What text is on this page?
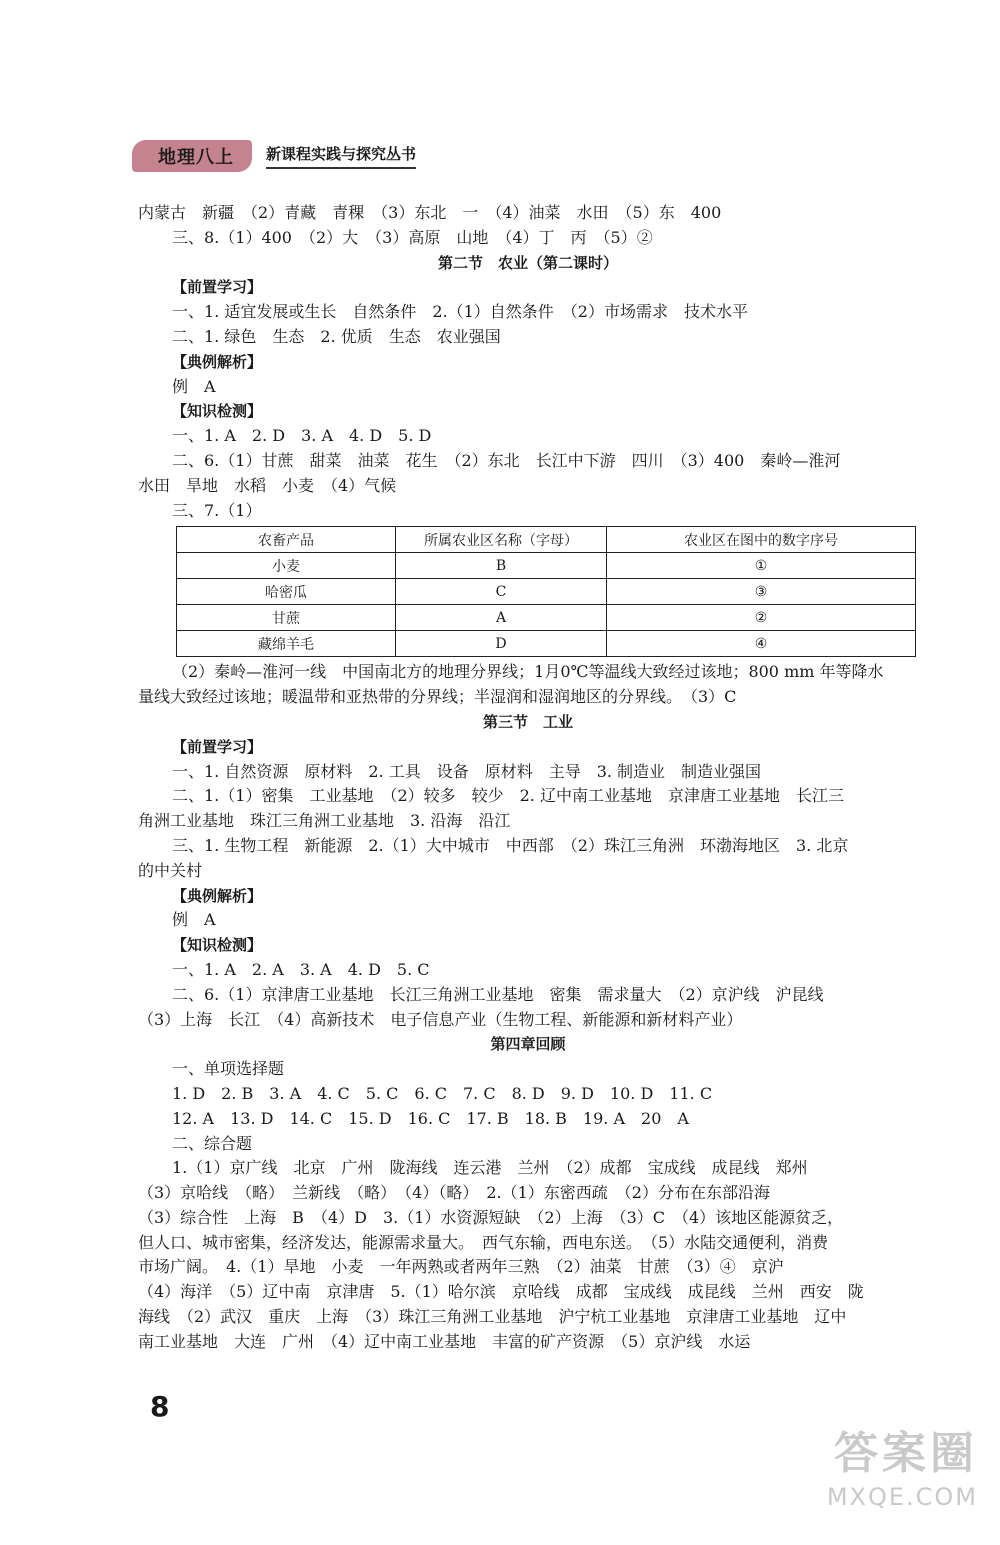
地理八上	新课程实践与探究丛书
内蒙古　新疆　（2）青藏　青稞　（3）东北　一　（4）油菜　水田　（5）东　400
三、8.（1）400　（2）大　（3）高原　山地　（4）丁　丙　（5）②
第二节　农业（第二课时）
【前置学习】
一、1. 适宜发展或生长　自然条件　2.（1）自然条件　（2）市场需求　技术水平
二、1. 绿色　生态　2. 优质　生态　农业强国
【典例解析】
例　A
【知识检测】
一、1. A　2. D　3. A　4. D　5. D
二、6.（1）甘蔗　甜菜　油菜　花生　（2）东北　长江中下游　四川　（3）400　秦岭—淮河
水田　旱地　水稻　小麦　（4）气候
三、7.（1）
农畜产品	所属农业区名称（字母）	农业区在图中的数字序号
小麦	B	①
哈密瓜	C	③
甘蔗	A	②
藏绵羊毛	D	④
（2）秦岭—淮河一线　中国南北方的地理分界线；1月0℃等温线大致经过该地；800 mm 年等降水
量线大致经过该地；暖温带和亚热带的分界线；半湿润和湿润地区的分界线。　（3）C
第三节　工业
【前置学习】
一、1. 自然资源　原材料　2. 工具　设备　原材料　主导　3. 制造业　制造业强国
二、1.（1）密集　工业基地　（2）较多　较少　2. 辽中南工业基地　京津唐工业基地　长江三
角洲工业基地　珠江三角洲工业基地　3. 沿海　沿江
三、1. 生物工程　新能源　2.（1）大中城市　中西部　（2）珠江三角洲　环渤海地区　3. 北京
的中关村
【典例解析】
例　A
【知识检测】
一、1. A　2. A　3. A　4. D　5. C
二、6.（1）京津唐工业基地　长江三角洲工业基地　密集　需求量大　（2）京沪线　沪昆线
（3）上海　长江　（4）高新技术　电子信息产业（生物工程、新能源和新材料产业）
第四章回顾
一、单项选择题
1. D　2. B　3. A　4. C　5. C　6. C　7. C　8. D　9. D　10. D　11. C
12. A　13. D　14. C　15. D　16. C　17. B　18. B　19. A　20　A
二、综合题
1.（1）京广线　北京　广州　陇海线　连云港　兰州　（2）成都　宝成线　成昆线　郑州
（3）京哈线　（略）　兰新线　（略）　（4）（略）　2.（1）东密西疏　（2）分布在东部沿海
（3）综合性　上海　B　（4）D　3.（1）水资源短缺　（2）上海　（3）C　（4）该地区能源贫乏，
但人口、城市密集，经济发达，能源需求量大。　西气东输，西电东送。　（5）水陆交通便利，消费
市场广阔。　4.（1）旱地　小麦　一年两熟或者两年三熟　（2）油菜　甘蔗　（3）④　京沪
（4）海洋　（5）辽中南　京津唐　5.（1）哈尔滨　京哈线　成都　宝成线　成昆线　兰州　西安　陇
海线　（2）武汉　重庆　上海　（3）珠江三角洲工业基地　沪宁杭工业基地　京津唐工业基地　辽中
南工业基地　大连　广州　（4）辽中南工业基地　丰富的矿产资源　（5）京沪线　水运
8
答案圈
MXQE.COM
